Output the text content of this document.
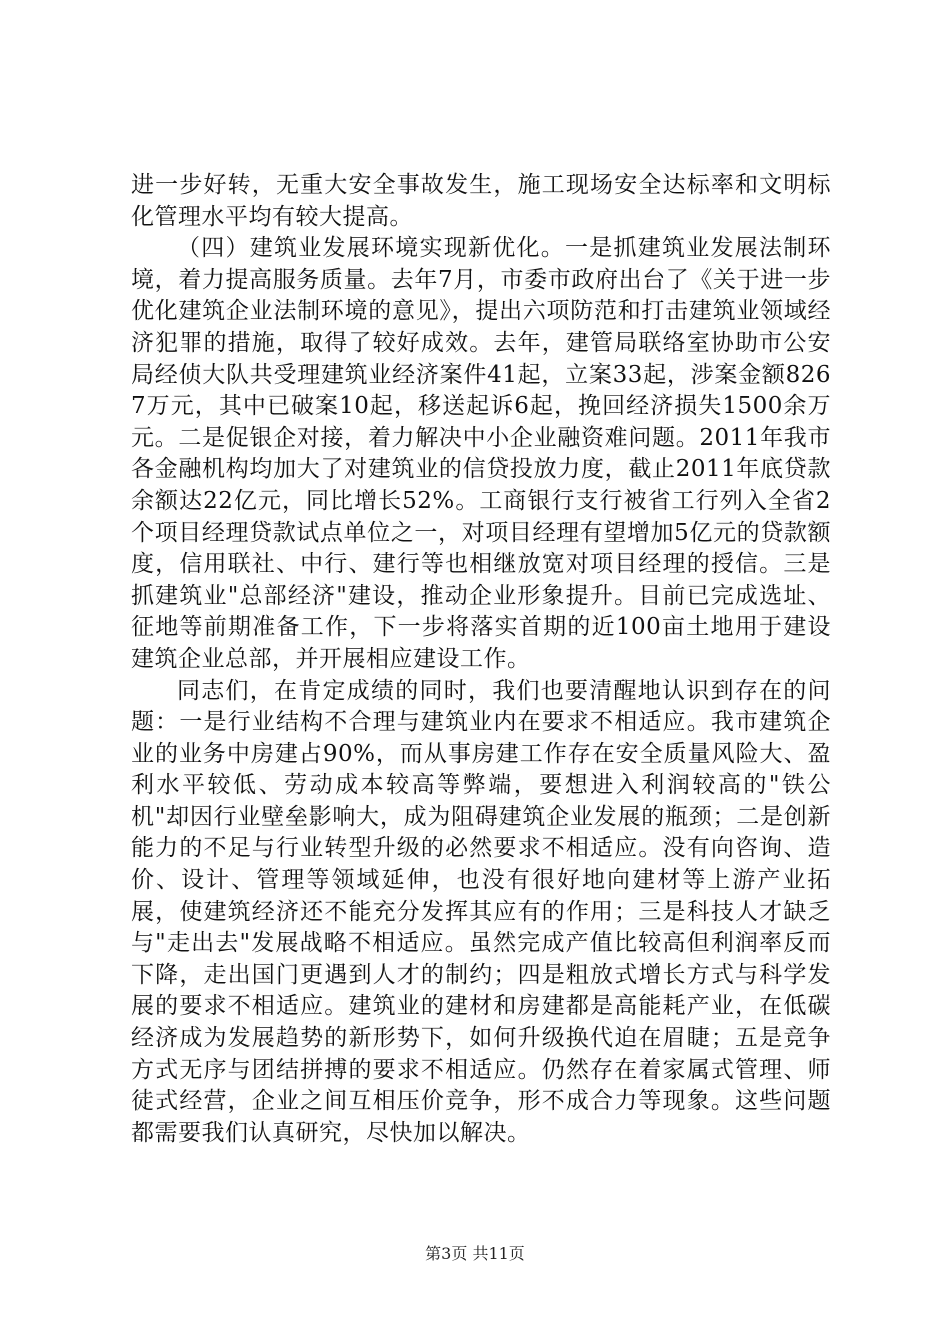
进一步好转，无重大安全事故发生，施工现场安全达标率和文明标化管理水平均有较大提高。

（四）建筑业发展环境实现新优化。一是抓建筑业发展法制环境，着力提高服务质量。去年7月，市委市政府出台了《关于进一步优化建筑企业法制环境的意见》，提出六项防范和打击建筑业领域经济犯罪的措施，取得了较好成效。去年，建管局联络室协助市公安局经侦大队共受理建筑业经济案件41起，立案33起，涉案金额8267万元，其中已破案10起，移送起诉6起，挽回经济损失1500余万元。二是促银企对接，着力解决中小企业融资难问题。2011年我市各金融机构均加大了对建筑业的信贷投放力度，截止2011年底贷款余额达22亿元，同比增长52%。工商银行支行被省工行列入全省2个项目经理贷款试点单位之一，对项目经理有望增加5亿元的贷款额度，信用联社、中行、建行等也相继放宽对项目经理的授信。三是抓建筑业"总部经济"建设，推动企业形象提升。目前已完成选址、征地等前期准备工作，下一步将落实首期的近100亩土地用于建设建筑企业总部，并开展相应建设工作。

同志们，在肯定成绩的同时，我们也要清醒地认识到存在的问题：一是行业结构不合理与建筑业内在要求不相适应。我市建筑企业的业务中房建占90%，而从事房建工作存在安全质量风险大、盈利水平较低、劳动成本较高等弊端，要想进入利润较高的"铁公机"却因行业壁垒影响大，成为阻碍建筑企业发展的瓶颈；二是创新能力的不足与行业转型升级的必然要求不相适应。没有向咨询、造价、设计、管理等领域延伸，也没有很好地向建材等上游产业拓展，使建筑经济还不能充分发挥其应有的作用；三是科技人才缺乏与"走出去"发展战略不相适应。虽然完成产值比较高但利润率反而下降，走出国门更遇到人才的制约；四是粗放式增长方式与科学发展的要求不相适应。建筑业的建材和房建都是高能耗产业，在低碳经济成为发展趋势的新形势下，如何升级换代迫在眉睫；五是竞争方式无序与团结拼搏的要求不相适应。仍然存在着家属式管理、师徒式经营，企业之间互相压价竞争，形不成合力等现象。这些问题都需要我们认真研究，尽快加以解决。

第3页 共11页
